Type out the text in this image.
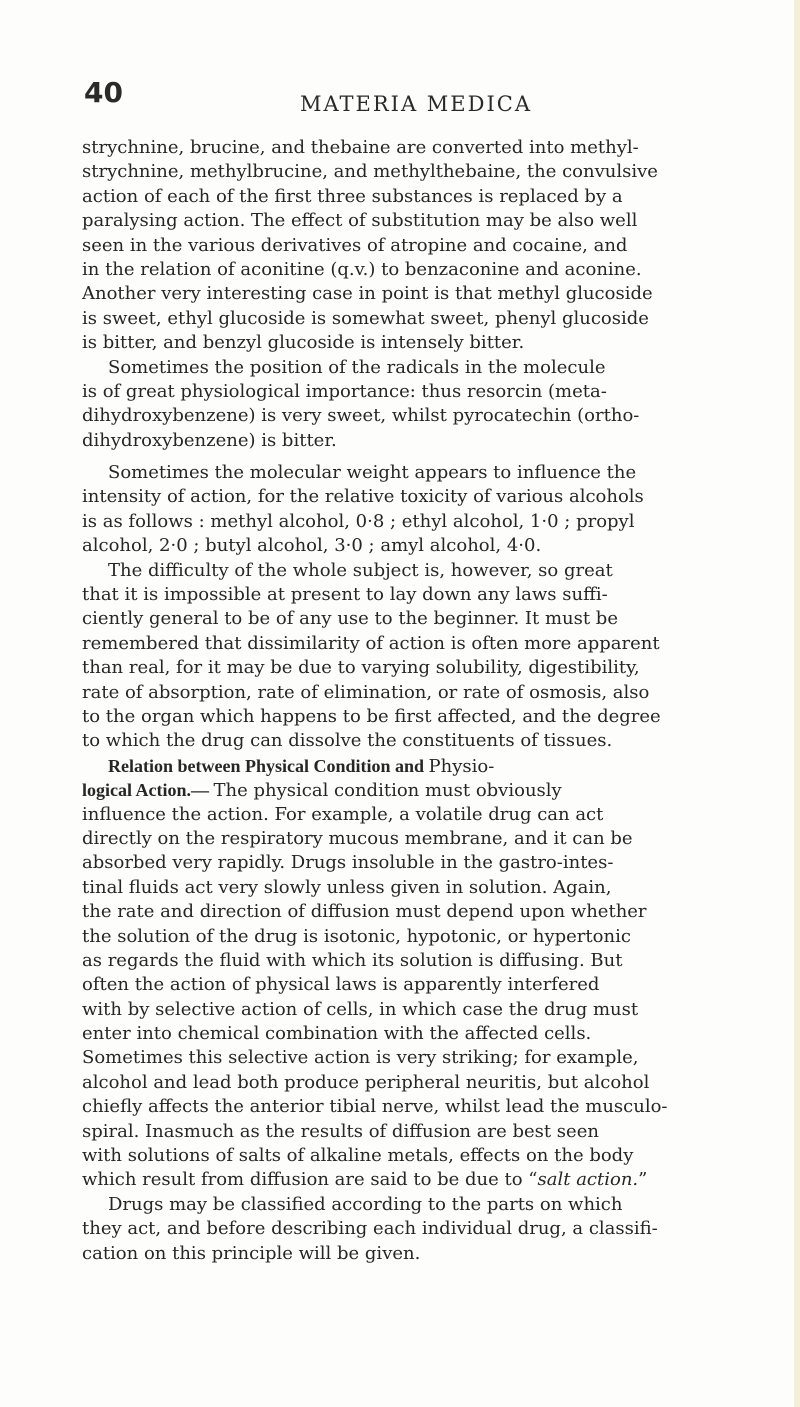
40	MATERIA MEDICA
strychnine, brucine, and thebaine are converted into methyl-
strychnine, methylbrucine, and methylthebaine, the convulsive
action of each of the first three substances is replaced by a
paralysing action. The effect of substitution may be also well
seen in the various derivatives of atropine and cocaine, and
in the relation of aconitine (q.v.) to benzaconine and aconine.
Another very interesting case in point is that methyl glucoside
is sweet, ethyl glucoside is somewhat sweet, phenyl glucoside
is bitter, and benzyl glucoside is intensely bitter.
Sometimes the position of the radicals in the molecule
is of great physiological importance: thus resorcin (meta-
dihydroxybenzene) is very sweet, whilst pyrocatechin (ortho-
dihydroxybenzene) is bitter.
Sometimes the molecular weight appears to influence the
intensity of action, for the relative toxicity of various alcohols
is as follows : methyl alcohol, 0·8 ; ethyl alcohol, 1·0 ; propyl
alcohol, 2·0 ; butyl alcohol, 3·0 ; amyl alcohol, 4·0.
The difficulty of the whole subject is, however, so great
that it is impossible at present to lay down any laws suffi-
ciently general to be of any use to the beginner. It must be
remembered that dissimilarity of action is often more apparent
than real, for it may be due to varying solubility, digestibility,
rate of absorption, rate of elimination, or rate of osmosis, also
to the organ which happens to be first affected, and the degree
to which the drug can dissolve the constituents of tissues.
Relation between Physical Condition and Physio-
logical Action.— The physical condition must obviously
influence the action. For example, a volatile drug can act
directly on the respiratory mucous membrane, and it can be
absorbed very rapidly. Drugs insoluble in the gastro-intes-
tinal fluids act very slowly unless given in solution. Again,
the rate and direction of diffusion must depend upon whether
the solution of the drug is isotonic, hypotonic, or hypertonic
as regards the fluid with which its solution is diffusing. But
often the action of physical laws is apparently interfered
with by selective action of cells, in which case the drug must
enter into chemical combination with the affected cells.
Sometimes this selective action is very striking; for example,
alcohol and lead both produce peripheral neuritis, but alcohol
chiefly affects the anterior tibial nerve, whilst lead the musculo-
spiral. Inasmuch as the results of diffusion are best seen
with solutions of salts of alkaline metals, effects on the body
which result from diffusion are said to be due to “salt action.”
Drugs may be classified according to the parts on which
they act, and before describing each individual drug, a classifi-
cation on this principle will be given.
